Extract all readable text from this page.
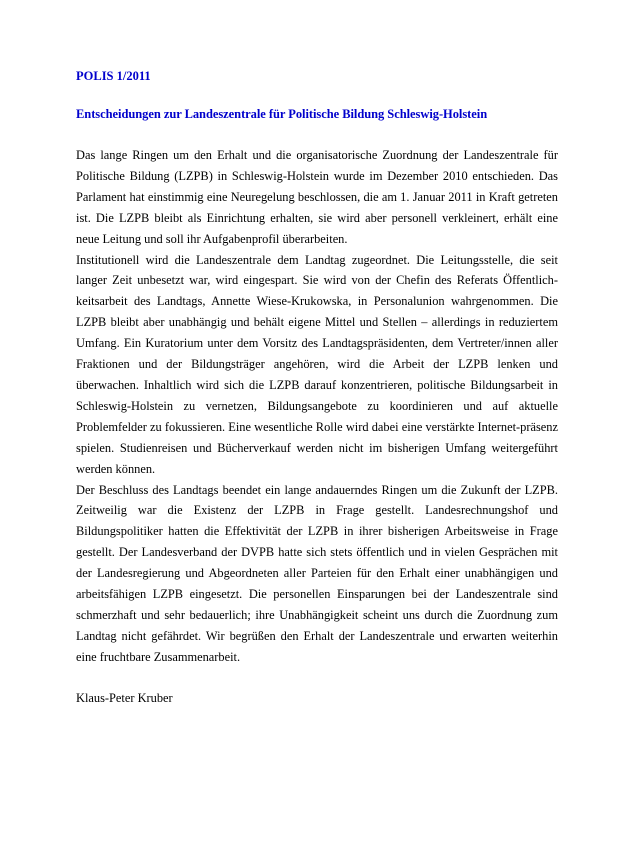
POLIS 1/2011

Entscheidungen zur Landeszentrale für Politische Bildung Schleswig-Holstein

Das lange Ringen um den Erhalt und die organisatorische Zuordnung der Landeszentrale für Politische Bildung (LZPB) in Schleswig-Holstein wurde im Dezember 2010 entschieden. Das Parlament hat einstimmig eine Neuregelung beschlossen, die am 1. Januar 2011 in Kraft getreten ist. Die LZPB bleibt als Einrichtung erhalten, sie wird aber personell verkleinert, erhält eine neue Leitung und soll ihr Aufgabenprofil überarbeiten.

Institutionell wird die Landeszentrale dem Landtag zugeordnet. Die Leitungsstelle, die seit langer Zeit unbesetzt war, wird eingespart. Sie wird von der Chefin des Referats Öffentlich-keitsarbeit des Landtags, Annette Wiese-Krukowska, in Personalunion wahrgenommen. Die LZPB bleibt aber unabhängig und behält eigene Mittel und Stellen – allerdings in reduziertem Umfang. Ein Kuratorium unter dem Vorsitz des Landtagspräsidenten, dem Vertreter/innen aller Fraktionen und der Bildungsträger angehören, wird die Arbeit der LZPB lenken und überwachen. Inhaltlich wird sich die LZPB darauf konzentrieren, politische Bildungsarbeit in Schleswig-Holstein zu vernetzen, Bildungsangebote zu koordinieren und auf aktuelle Problemfelder zu fokussieren. Eine wesentliche Rolle wird dabei eine verstärkte Internet-präsenz spielen. Studienreisen und Bücherverkauf werden nicht im bisherigen Umfang weitergeführt werden können.

Der Beschluss des Landtags beendet ein lange andauerndes Ringen um die Zukunft der LZPB. Zeitweilig war die Existenz der LZPB in Frage gestellt. Landesrechnungshof und Bildungspolitiker hatten die Effektivität der LZPB in ihrer bisherigen Arbeitsweise in Frage gestellt. Der Landesverband der DVPB hatte sich stets öffentlich und in vielen Gesprächen mit der Landesregierung und Abgeordneten aller Parteien für den Erhalt einer unabhängigen und arbeitsfähigen LZPB eingesetzt. Die personellen Einsparungen bei der Landeszentrale sind schmerzhaft und sehr bedauerlich; ihre Unabhängigkeit scheint uns durch die Zuordnung zum Landtag nicht gefährdet. Wir begrüßen den Erhalt der Landeszentrale und erwarten weiterhin eine fruchtbare Zusammenarbeit.

Klaus-Peter Kruber
